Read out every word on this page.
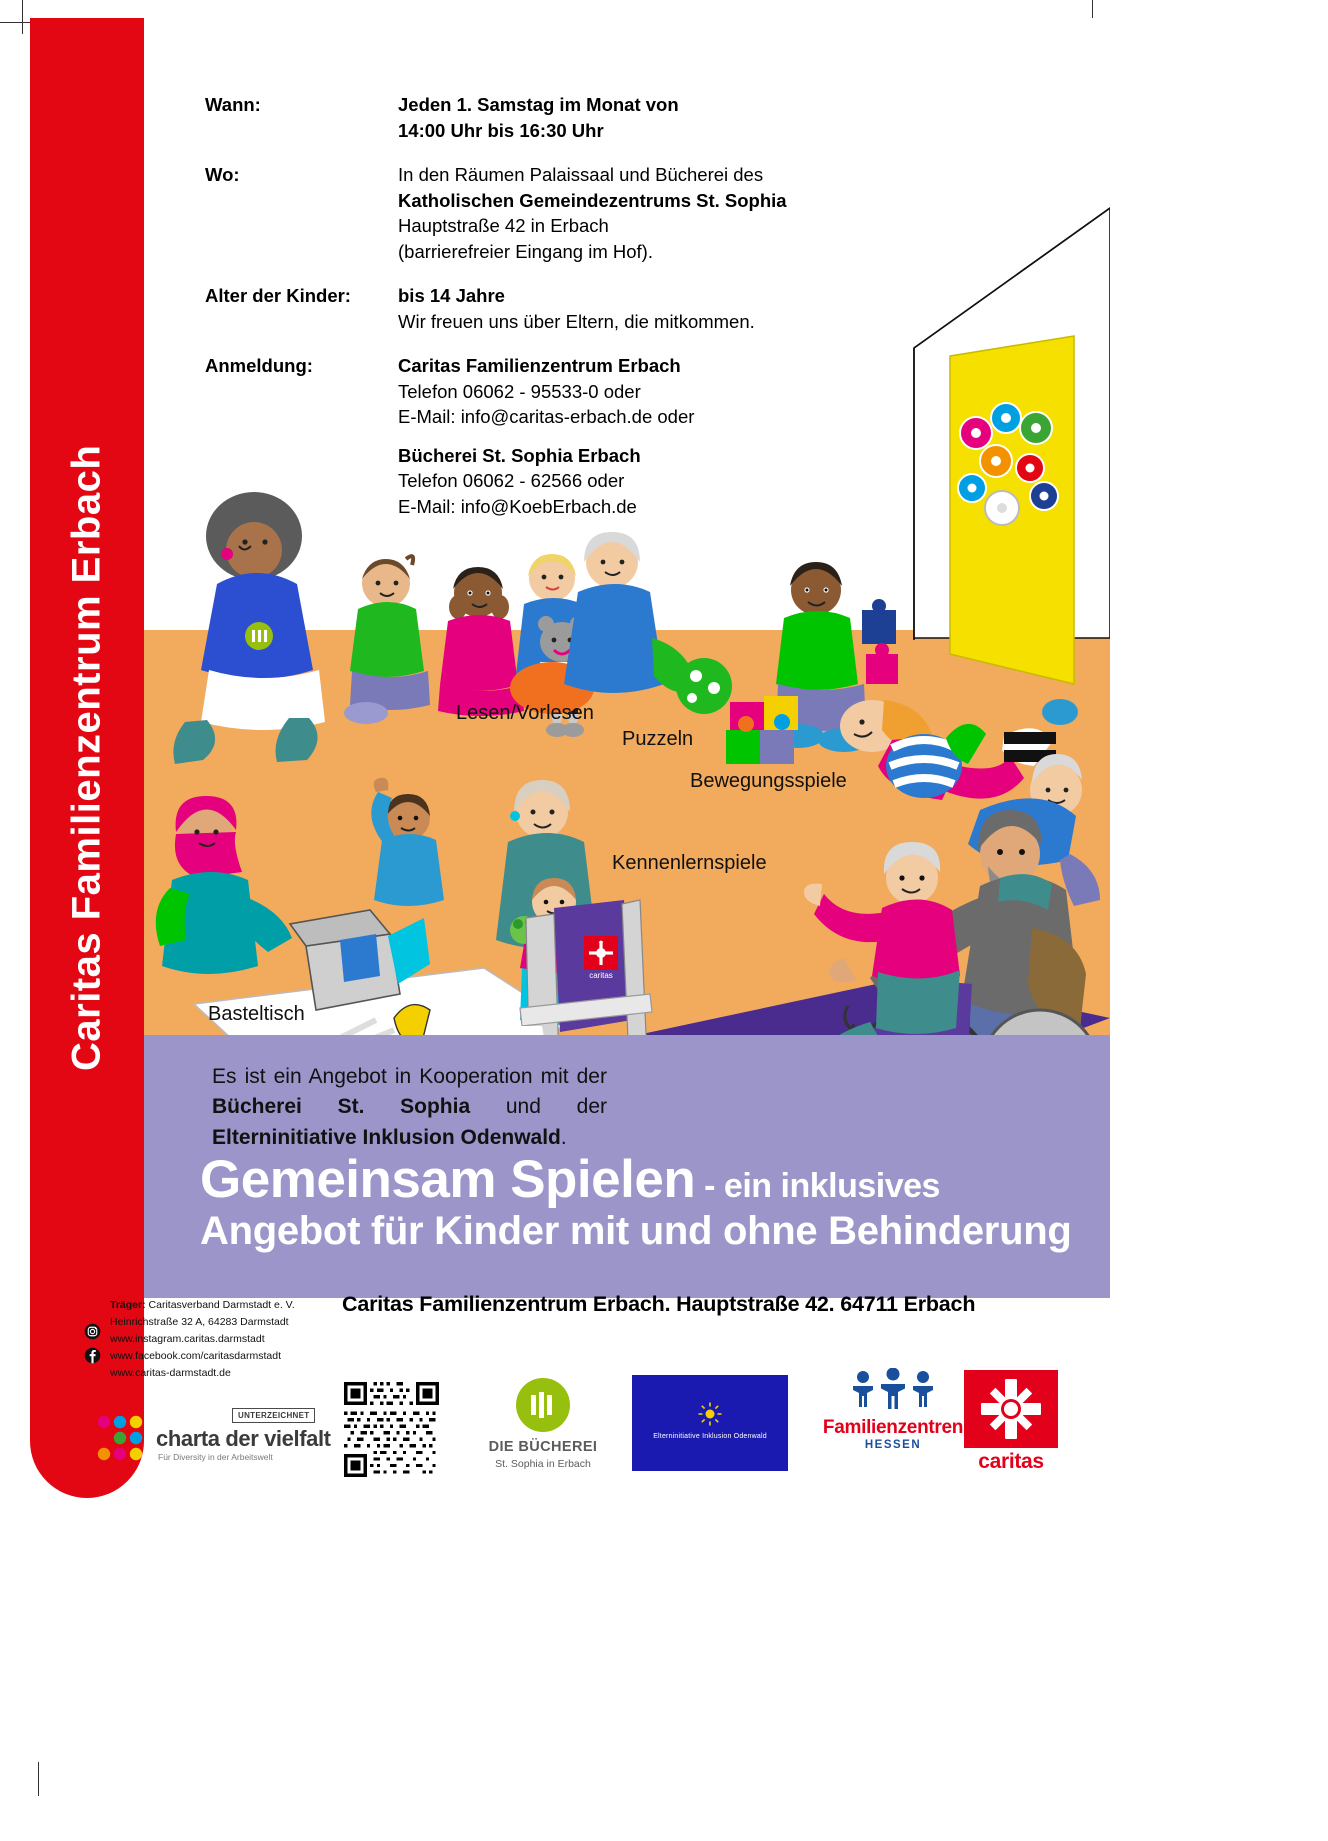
caritas
Lesen/Vorlesen
Puzzeln
Bewegungsspiele
Kennenlernspiele
Basteltisch
Es ist ein Angebot in Kooperation mit der Bücherei St. Sophia und der Elterninitiative Inklusion Odenwald.
Gemeinsam Spielen - ein inklusives
Angebot für Kinder mit und ohne Behinderung
Caritas Familienzentrum Erbach
Wann:	Jeden 1. Samstag im Monat von
14:00 Uhr bis 16:30 Uhr
Wo:	In den Räumen Palaissaal und Bücherei des
Katholischen Gemeindezentrums St. Sophia
Hauptstraße 42 in Erbach
(barrierefreier Eingang im Hof).
Alter der Kinder:	bis 14 Jahre
Wir freuen uns über Eltern, die mitkommen.
Anmeldung:	Caritas Familienzentrum Erbach
Telefon 06062 - 95533-0 oder
E-Mail: info@caritas-erbach.de oder
Bücherei St. Sophia Erbach
Telefon 06062 - 62566 oder
E-Mail: info@KoebErbach.de
Caritas Familienzentrum Erbach. Hauptstraße 42. 64711 Erbach
Träger: Caritasverband Darmstadt e. V.
Heinrichstraße 32 A, 64283 Darmstadt
www.instagram.caritas.darmstadt
www.facebook.com/caritasdarmstadt
www.caritas-darmstadt.de
UNTERZEICHNET
charta der vielfalt
Für Diversity in der Arbeitswelt
DIE BÜCHEREI
St. Sophia in Erbach
Elterninitiative Inklusion Odenwald	Familienzentren
HESSEN
caritas
